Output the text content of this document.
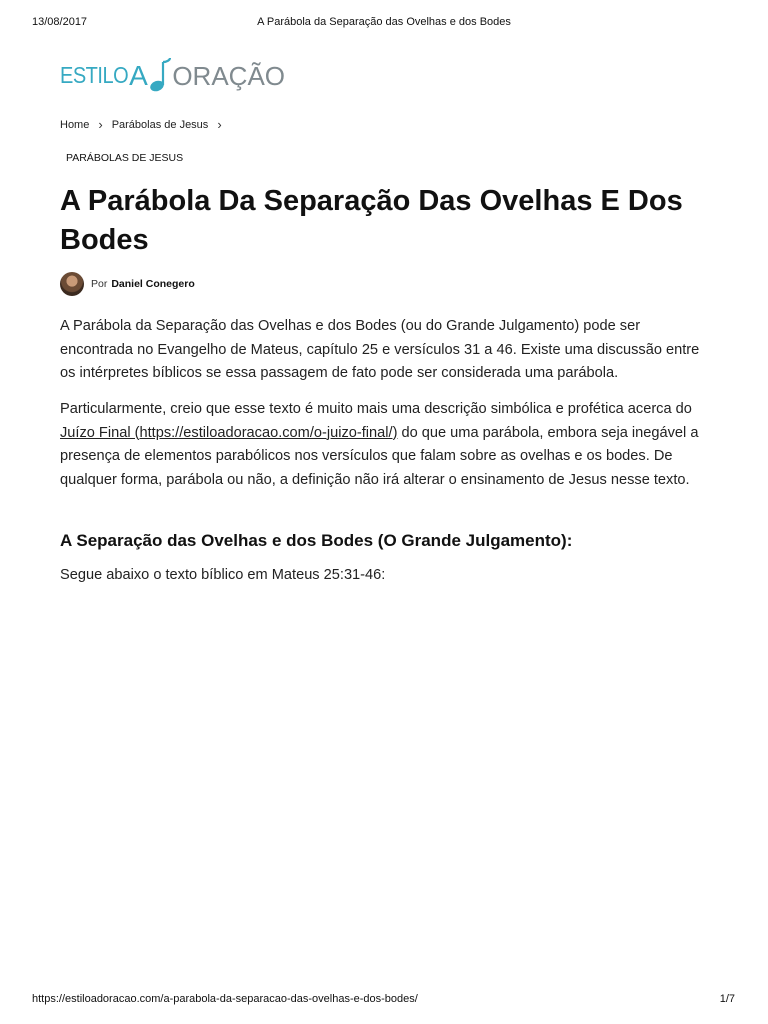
13/08/2017	A Parábola da Separação das Ovelhas e dos Bodes
ESTILO A ORAÇÃO
Home › Parábolas de Jesus ›
PARÁBOLAS DE JESUS
A Parábola Da Separação Das Ovelhas E Dos Bodes
Por Daniel Conegero

A Parábola da Separação das Ovelhas e dos Bodes (ou do Grande Julgamento) pode ser encontrada no Evangelho de Mateus, capítulo 25 e versículos 31 a 46. Existe uma discussão entre os intérpretes bíblicos se essa passagem de fato pode ser considerada uma parábola.

Particularmente, creio que esse texto é muito mais uma descrição simbólica e profética acerca do Juízo Final (https://estiloadoracao.com/o-juizo-final/) do que uma parábola, embora seja inegável a presença de elementos parabólicos nos versículos que falam sobre as ovelhas e os bodes. De qualquer forma, parábola ou não, a definição não irá alterar o ensinamento de Jesus nesse texto.

A Separação das Ovelhas e dos Bodes (O Grande Julgamento):

Segue abaixo o texto bíblico em Mateus 25:31-46:

https://estiloadoracao.com/a-parabola-da-separacao-das-ovelhas-e-dos-bodes/	1/7
